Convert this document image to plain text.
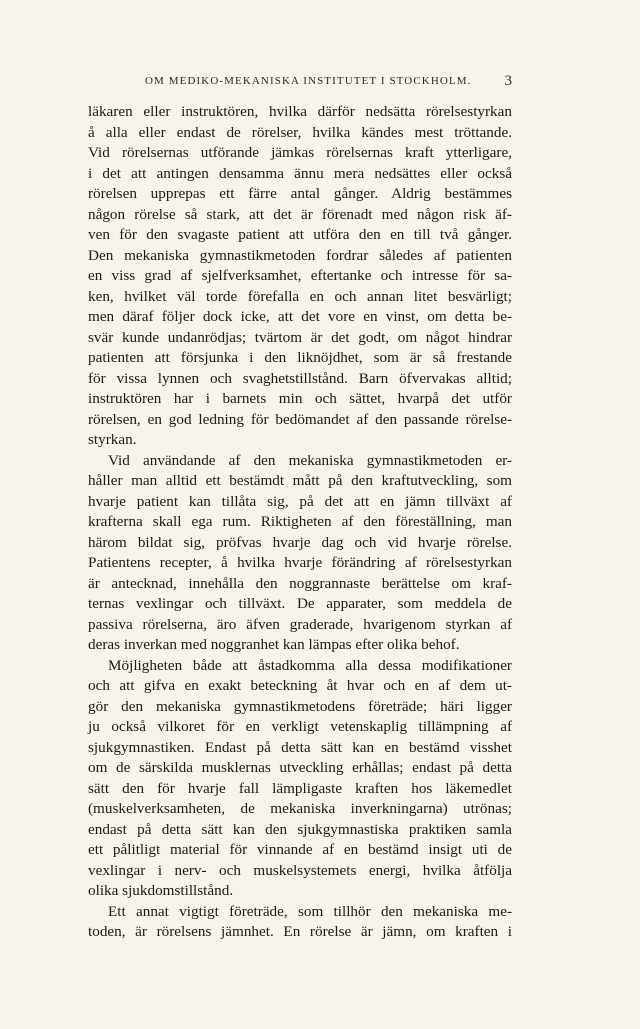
OM MEDIKO-MEKANISKA INSTITUTET I STOCKHOLM. 3
läkaren eller instruktören, hvilka därför nedsätta rörelsestyrkan
å alla eller endast de rörelser, hvilka kändes mest tröttande.
Vid rörelsernas utförande jämkas rörelsernas kraft ytterligare,
i det att antingen densamma ännu mera nedsättes eller också
rörelsen upprepas ett färre antal gånger. Aldrig bestämmes
någon rörelse så stark, att det är förenadt med någon risk äf-
ven för den svagaste patient att utföra den en till två gånger.
Den mekaniska gymnastikmetoden fordrar således af patienten
en viss grad af sjelfverksamhet, eftertanke och intresse för sa-
ken, hvilket väl torde förefalla en och annan litet besvärligt;
men däraf följer dock icke, att det vore en vinst, om detta be-
svär kunde undanrödjas; tvärtom är det godt, om något hindrar
patienten att försjunka i den liknöjdhet, som är så frestande
för vissa lynnen och svaghetstillstånd. Barn öfvervakas alltid;
instruktören har i barnets min och sättet, hvarpå det utför
rörelsen, en god ledning för bedömandet af den passande rörelse-
styrkan.
Vid användande af den mekaniska gymnastikmetoden er-
håller man alltid ett bestämdt mått på den kraftutveckling, som
hvarje patient kan tillåta sig, på det att en jämn tillväxt af
krafterna skall ega rum. Riktigheten af den föreställning, man
härom bildat sig, pröfvas hvarje dag och vid hvarje rörelse.
Patientens recepter, å hvilka hvarje förändring af rörelsestyrkan
är antecknad, innehålla den noggrannaste berättelse om kraf-
ternas vexlingar och tillväxt. De apparater, som meddela de
passiva rörelserna, äro äfven graderade, hvarigenom styrkan af
deras inverkan med noggranhet kan lämpas efter olika behof.
Möjligheten både att åstadkomma alla dessa modifikationer
och att gifva en exakt beteckning åt hvar och en af dem ut-
gör den mekaniska gymnastikmetodens företräde; häri ligger
ju också vilkoret för en verkligt vetenskaplig tillämpning af
sjukgymnastiken. Endast på detta sätt kan en bestämd visshet
om de särskilda musklernas utveckling erhållas; endast på detta
sätt den för hvarje fall lämpligaste kraften hos läkemedlet
(muskelverksamheten, de mekaniska inverkningarna) utrönas;
endast på detta sätt kan den sjukgymnastiska praktiken samla
ett pålitligt material för vinnande af en bestämd insigt uti de
vexlingar i nerv- och muskelsystemets energi, hvilka åtfölja
olika sjukdomstillstånd.
Ett annat vigtigt företräde, som tillhör den mekaniska me-
toden, är rörelsens jämnhet. En rörelse är jämn, om kraften i
